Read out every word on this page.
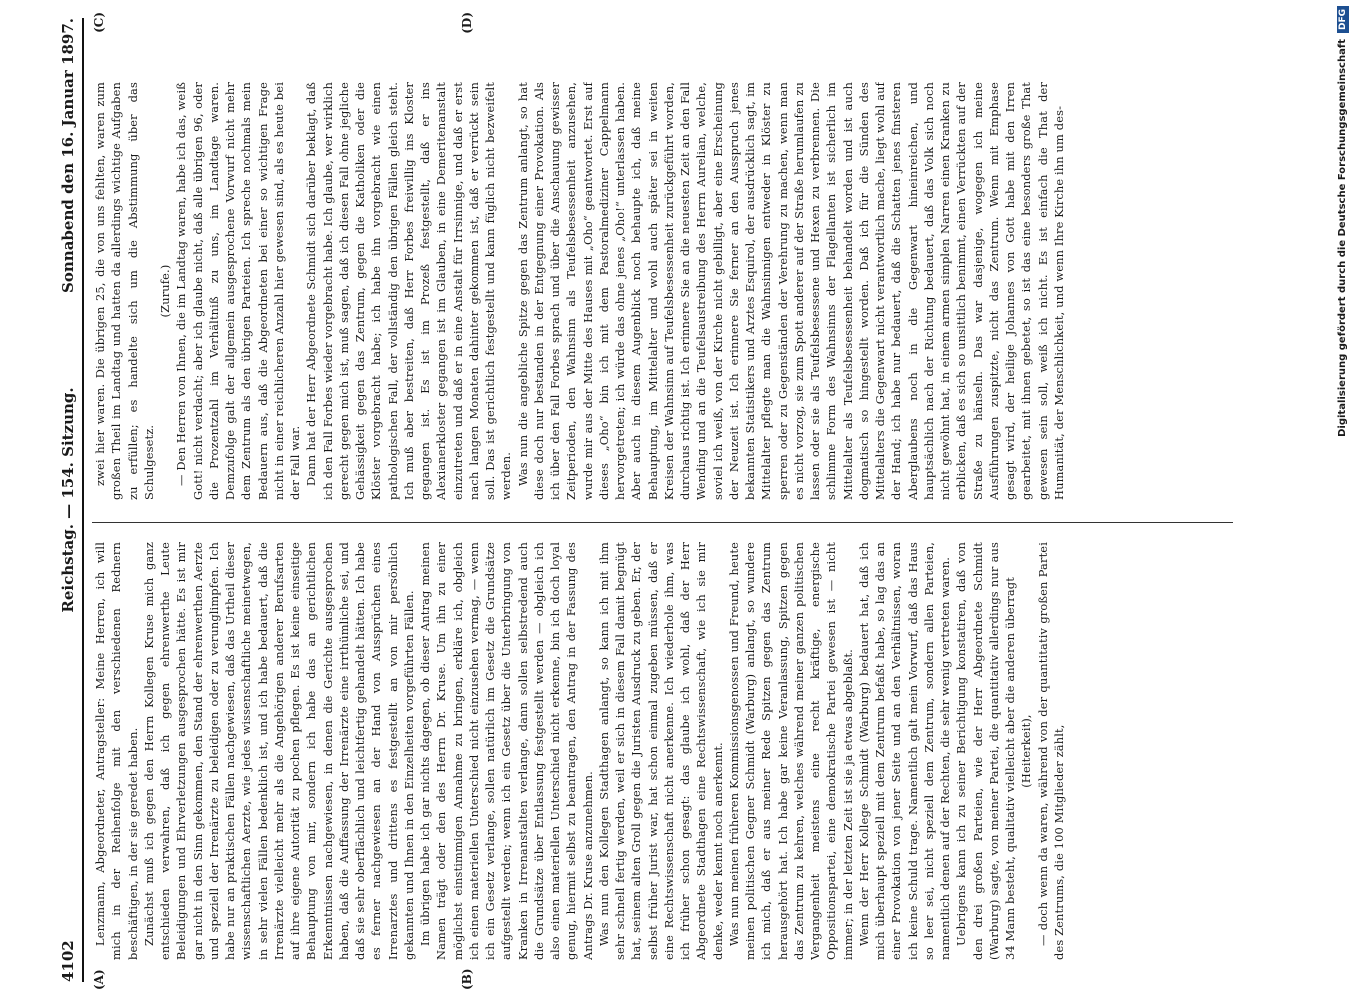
4102
Reichstag. — 154. Sitzung.
Sonnabend den 16. Januar 1897.
(A)	(B)
(C)	(D)

Lenzmann, Abgeordneter, Antragsteller: Meine Herren, ich will mich in der Reihenfolge mit den verschiedenen Rednern beschäftigen, in der sie geredet haben. Zunächst muß ich gegen den Herrn Kollegen Kruse mich ganz entschieden verwahren, daß ich gegen ehrenwerthe Leute Beleidigungen und Ehrverletzungen ausgesprochen hätte. Es ist mir gar nicht in den Sinn gekommen, den Stand der ehrenwerthen Aerzte und speziell der Irrenärzte zu beleidigen oder zu verunglimpfen. Ich habe nur an praktischen Fällen nachgewiesen, daß das Urtheil dieser wissenschaftlichen Aerzte, wie jedes wissenschaftliche meinetwegen, in sehr vielen Fällen bedenklich ist, und ich habe bedauert, daß die Irrenärzte vielleicht mehr als die Angehörigen anderer Berufsarten auf ihre eigene Autorität zu pochen pflegen. Es ist keine einseitige Behauptung von mir, sondern ich habe das an gerichtlichen Erkenntnissen nachgewiesen, in denen die Gerichte ausgesprochen haben, daß die Auffassung der Irrenärzte eine irrthümliche sei, und daß sie sehr oberflächlich und leichtfertig gehandelt hätten. Ich habe es ferner nachgewiesen an der Hand von Aussprüchen eines Irrenarztes und drittens es festgestellt an von mir persönlich gekannten und Ihnen in den Einzelheiten vorgeführten Fällen. Im übrigen habe ich gar nichts dagegen, ob dieser Antrag meinen Namen trägt oder den des Herrn Dr. Kruse. Um ihn zu einer möglichst einstimmigen Annahme zu bringen, erkläre ich, obgleich ich einen materiellen Unterschied nicht einzusehen vermag, — wenn ich ein Gesetz verlange, sollen natürlich im Gesetz die Grundsätze aufgestellt werden; wenn ich ein Gesetz über die Unterbringung von Kranken in Irrenanstalten verlange, dann sollen selbstredend auch die Grundsätze über Entlassung festgestellt werden — obgleich ich also einen materiellen Unterschied nicht erkenne, bin ich doch loyal genug, hiermit selbst zu beantragen, den Antrag in der Fassung des Antrags Dr. Kruse anzunehmen. Was nun den Kollegen Stadthagen anlangt, so kann ich mit ihm sehr schnell fertig werden, weil er sich in diesem Fall damit begnügt hat, seinem alten Groll gegen die Juristen Ausdruck zu geben. Er, der selbst früher Jurist war, hat schon einmal zugeben müssen, daß er eine Rechtswissenschaft nicht anerkenne. Ich wiederhole ihm, was ich früher schon gesagt: das glaube ich wohl, daß der Herr Abgeordnete Stadthagen eine Rechtswissenschaft, wie ich sie mir denke, weder kennt noch anerkennt. Was nun meinen früheren Kommissionsgenossen und Freund, heute meinen politischen Gegner Schmidt (Warburg) anlangt, so wundere ich mich, daß er aus meiner Rede Spitzen gegen das Zentrum herausgehört hat. Ich habe gar keine Veranlassung, Spitzen gegen das Zentrum zu kehren, welches während meiner ganzen politischen Vergangenheit meistens eine recht kräftige, energische Oppositionspartei, eine demokratische Partei gewesen ist — nicht immer; in der letzten Zeit ist sie ja etwas abgeblaßt. Wenn der Herr Kollege Schmidt (Warburg) bedauert hat, daß ich mich überhaupt speziell mit dem Zentrum befaßt habe, so lag das an einer Provokation von jener Seite und an den Verhältnissen, woran ich keine Schuld trage. Namentlich galt mein Vorwurf, daß das Haus so leer sei, nicht speziell dem Zentrum, sondern allen Parteien, namentlich denen auf der Rechten, die sehr wenig vertreten waren. Uebrigens kann ich zu seiner Berichtigung konstatiren, daß von den drei großen Parteien, wie der Herr Abgeordnete Schmidt (Warburg) sagte, von meiner Partei, die quantitativ allerdings nur aus 34 Mann besteht, qualitativ vielleicht aber die anderen überragt (Heiterkeit), — doch wenn da waren, während von der quantitativ großen Partei des Zentrums, die 100 Mitglieder zählt,

zwei hier waren. Die übrigen 25, die von uns fehlten, waren zum großen Theil im Landtag und hatten da allerdings wichtige Aufgaben zu erfüllen; es handelte sich um die Abstimmung über das Schulgesetz.

(Zurufe.) — Den Herren von Ihnen, die im Landtag waren, habe ich das, weiß Gott! nicht verdacht; aber ich glaube nicht, daß alle übrigen 96, oder die Prozentzahl im Verhältniß zu uns, im Landtage waren. Demzufolge galt der allgemein ausgesprochene Vorwurf nicht mehr dem Zentrum als den übrigen Parteien. Ich spreche nochmals mein Bedauern aus, daß die Abgeordneten bei einer so wichtigen Frage nicht in einer reichlicheren Anzahl hier gewesen sind, als es heute bei der Fall war. Dann hat der Herr Abgeordnete Schmidt sich darüber beklagt, daß ich den Fall Forbes wieder vorgebracht habe. Ich glaube, wer wirklich gerecht gegen mich ist, muß sagen, daß ich diesen Fall ohne jegliche Gehässigkeit gegen das Zentrum, gegen die Katholiken oder die Klöster vorgebracht habe; ich habe ihn vorgebracht wie einen pathologischen Fall, der vollständig den übrigen Fällen gleich steht. Ich muß aber bestreiten, daß Herr Forbes freiwillig ins Kloster gegangen ist. Es ist im Prozeß festgestellt, daß er ins Alexianerkloster gegangen ist im Glauben, in eine Demeritenanstalt einzutreten und daß er in eine Anstalt für Irrsinnige, und daß er erst nach langen Monaten dahinter gekommen ist, daß er verrückt sein soll. Das ist gerichtlich festgestellt und kann füglich nicht bezweifelt werden. Was nun die angebliche Spitze gegen das Zentrum anlangt, so hat diese doch nur bestanden in der Entgegnung einer Provokation. Als ich über den Fall Forbes sprach und über die Anschauung gewisser Zeitperioden, den Wahnsinn als Teufelsbesessenheit anzusehen, wurde mir aus der Mitte des Hauses mit „Oho“ geantwortet. Erst auf dieses „Oho“ bin ich mit dem Pastoralmediziner Cappelmann hervorgetreten; ich würde das ohne jenes „Oho!“ unterlassen haben. Aber auch in diesem Augenblick noch behaupte ich, daß meine Behauptung, im Mittelalter und wohl auch später sei in weiten Kreisen der Wahnsinn auf Teufelsbesessenheit zurückgeführt worden, durchaus richtig ist. Ich erinnere Sie an die neuesten Zeit an den Fall Wending und an die Teufelsaustreibung des Herrn Aurelian, welche, soviel ich weiß, von der Kirche nicht gebilligt, aber eine Erscheinung der Neuzeit ist. Ich erinnere Sie ferner an den Ausspruch jenes bekannten Statistikers und Arztes Esquirol, der ausdrücklich sagt, im Mittelalter pflegte man die Wahnsinnigen entweder in Klöster zu sperren oder zu Gegenständen der Verehrung zu machen, wenn man es nicht vorzog, sie zum Spott anderer auf der Straße herumlaufen zu lassen oder sie als Teufelsbesessene und Hexen zu verbrennen. Die schlimme Form des Wahnsinns der Flagellanten ist sicherlich im Mittelalter als Teufelsbesessenheit behandelt worden und ist auch dogmatisch so hingestellt worden. Daß ich für die Sünden des Mittelalters die Gegenwart nicht verantwortlich mache, liegt wohl auf der Hand; ich habe nur bedauert, daß die Schatten jenes finsteren Aberglaubens noch in die Gegenwart hineinreichen, und hauptsächlich nach der Richtung bedauert, daß das Volk sich noch nicht gewöhnt hat, in einem armen simplen Narren einen Kranken zu erblicken, daß es sich so unsittlich benimmt, einen Verrückten auf der Straße zu hänseln. Das war dasjenige, wogegen ich meine Ausführungen zuspitzte, nicht das Zentrum. Wenn mit Emphase gesagt wird, der heilige Johannes von Gott habe mit den Irren gearbeitet, mit ihnen gebetet, so ist das eine besonders große That gewesen sein soll, weiß ich nicht. Es ist einfach die That der Humanität, der Menschlichkeit, und wenn Ihre Kirche ihn um des-	Digitalisierung gefördert durch die Deutsche ForschungsgemeinschaftDFG
